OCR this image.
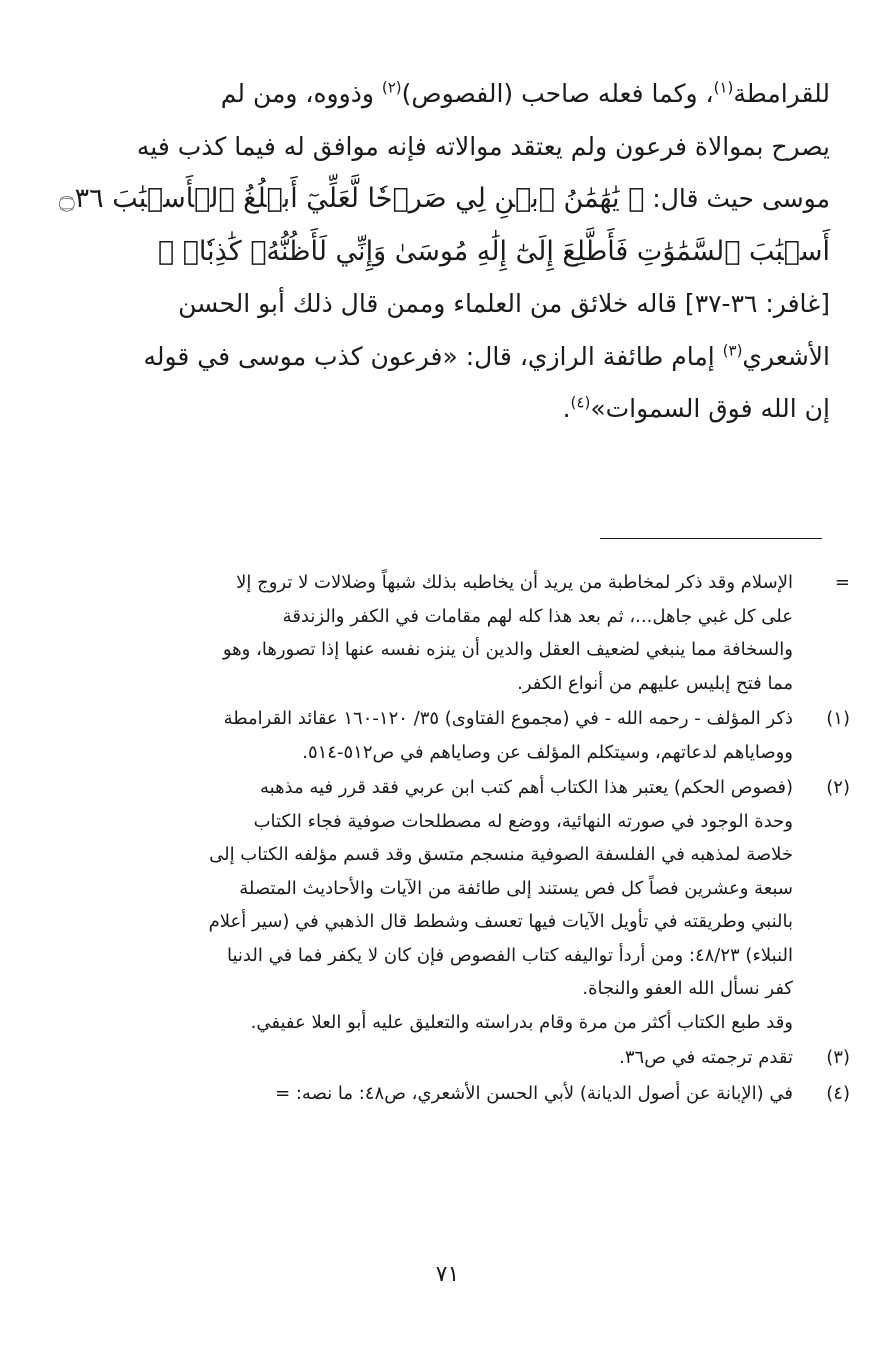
للقرامطة$^{(١)}$، وكما فعله صاحب (الفصوص)$^{(٢)}$ وذووه، ومن لم
يصرح بموالاة فرعون ولم يعتقد موالاته فإنه موافق له فيما كذب فيه
موسى حيث قال: ﴿ يَٰهَٰمَٰنُ ٱبۡنِ لِي صَرۡحٗا لَّعَلِّيٓ أَبۡلُغُ ٱلۡأَسۡبَٰبَ ۝٣٦
أَسۡبَٰبَ ٱلسَّمَٰوَٰتِ فَأَطَّلِعَ إِلَىٰٓ إِلَٰهِ مُوسَىٰ وَإِنِّي لَأَظُنُّهُۥ كَٰذِبٗاۚ ﴾
[غافر: ٣٦-٣٧] قاله خلائق من العلماء وممن قال ذلك أبو الحسن
الأشعري$^{(٣)}$ إمام طائفة الرازي، قال: «فرعون كذب موسى في قوله
إن الله فوق السموات»$^{(٤)}$.
=
الإسلام وقد ذكر لمخاطبة من يريد أن يخاطبه بذلك شبهاً وضلالات لا تروج إلا
على كل غبي جاهل...، ثم بعد هذا كله لهم مقامات في الكفر والزندقة
والسخافة مما ينبغي لضعيف العقل والدين أن ينزه نفسه عنها إذا تصورها، وهو
مما فتح إبليس عليهم من أنواع الكفر.
(١)
ذكر المؤلف - رحمه الله - في (مجموع الفتاوى) ٣٥/ ١٢٠-١٦٠ عقائد القرامطة
ووصاياهم لدعاتهم، وسيتكلم المؤلف عن وصاياهم في ص٥١٢-٥١٤.
(٢)
(فصوص الحكم) يعتبر هذا الكتاب أهم كتب ابن عربي فقد قرر فيه مذهبه
وحدة الوجود في صورته النهائية، ووضع له مصطلحات صوفية فجاء الكتاب
خلاصة لمذهبه في الفلسفة الصوفية منسجم متسق وقد قسم مؤلفه الكتاب إلى
سبعة وعشرين فصاً كل فص يستند إلى طائفة من الآيات والأحاديث المتصلة
بالنبي وطريقته في تأويل الآيات فيها تعسف وشطط قال الذهبي في (سير أعلام
النبلاء) ٤٨/٢٣: ومن أردأ تواليفه كتاب الفصوص فإن كان لا يكفر فما في الدنيا
كفر نسأل الله العفو والنجاة.
وقد طبع الكتاب أكثر من مرة وقام بدراسته والتعليق عليه أبو العلا عفيفي.
(٣)
تقدم ترجمته في ص٣٦.
(٤)
في (الإبانة عن أصول الديانة) لأبي الحسن الأشعري، ص٤٨: ما نصه: =
٧١
